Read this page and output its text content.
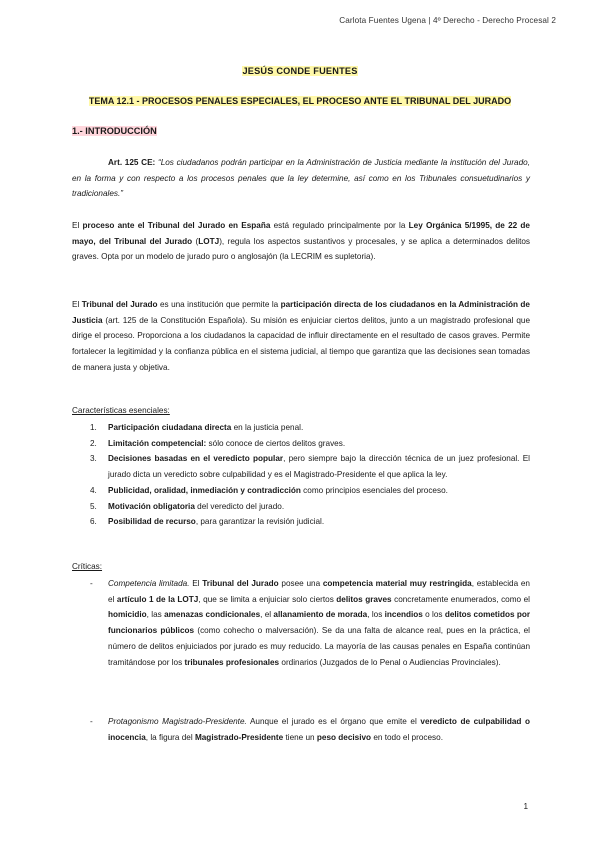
Carlota Fuentes Ugena | 4º Derecho - Derecho Procesal 2
JESÚS CONDE FUENTES
TEMA 12.1 - PROCESOS PENALES ESPECIALES, EL PROCESO ANTE EL TRIBUNAL DEL JURADO
1.- INTRODUCCIÓN
Art. 125 CE: “Los ciudadanos podrán participar en la Administración de Justicia mediante la institución del Jurado, en la forma y con respecto a los procesos penales que la ley determine, así como en los Tribunales consuetudinarios y tradicionales.”
El proceso ante el Tribunal del Jurado en España está regulado principalmente por la Ley Orgánica 5/1995, de 22 de mayo, del Tribunal del Jurado (LOTJ), regula los aspectos sustantivos y procesales, y se aplica a determinados delitos graves. Opta por un modelo de jurado puro o anglosajón (la LECRIM es supletoria).
El Tribunal del Jurado es una institución que permite la participación directa de los ciudadanos en la Administración de Justicia (art. 125 de la Constitución Española). Su misión es enjuiciar ciertos delitos, junto a un magistrado profesional que dirige el proceso. Proporciona a los ciudadanos la capacidad de influir directamente en el resultado de casos graves. Permite fortalecer la legitimidad y la confianza pública en el sistema judicial, al tiempo que garantiza que las decisiones sean tomadas de manera justa y objetiva.
Características esenciales:
1. Participación ciudadana directa en la justicia penal.
2. Limitación competencial: sólo conoce de ciertos delitos graves.
3. Decisiones basadas en el veredicto popular, pero siempre bajo la dirección técnica de un juez profesional. El jurado dicta un veredicto sobre culpabilidad y es el Magistrado-Presidente el que aplica la ley.
4. Publicidad, oralidad, inmediación y contradicción como principios esenciales del proceso.
5. Motivación obligatoria del veredicto del jurado.
6. Posibilidad de recurso, para garantizar la revisión judicial.
Críticas:
- Competencia limitada. El Tribunal del Jurado posee una competencia material muy restringida, establecida en el artículo 1 de la LOTJ, que se limita a enjuiciar solo ciertos delitos graves concretamente enumerados, como el homicidio, las amenazas condicionales, el allanamiento de morada, los incendios o los delitos cometidos por funcionarios públicos (como cohecho o malversación). Se da una falta de alcance real, pues en la práctica, el número de delitos enjuiciados por jurado es muy reducido. La mayoría de las causas penales en España continúan tramitándose por los tribunales profesionales ordinarios (Juzgados de lo Penal o Audiencias Provinciales).
- Protagonismo Magistrado-Presidente. Aunque el jurado es el órgano que emite el veredicto de culpabilidad o inocencia, la figura del Magistrado-Presidente tiene un peso decisivo en todo el proceso.
1
